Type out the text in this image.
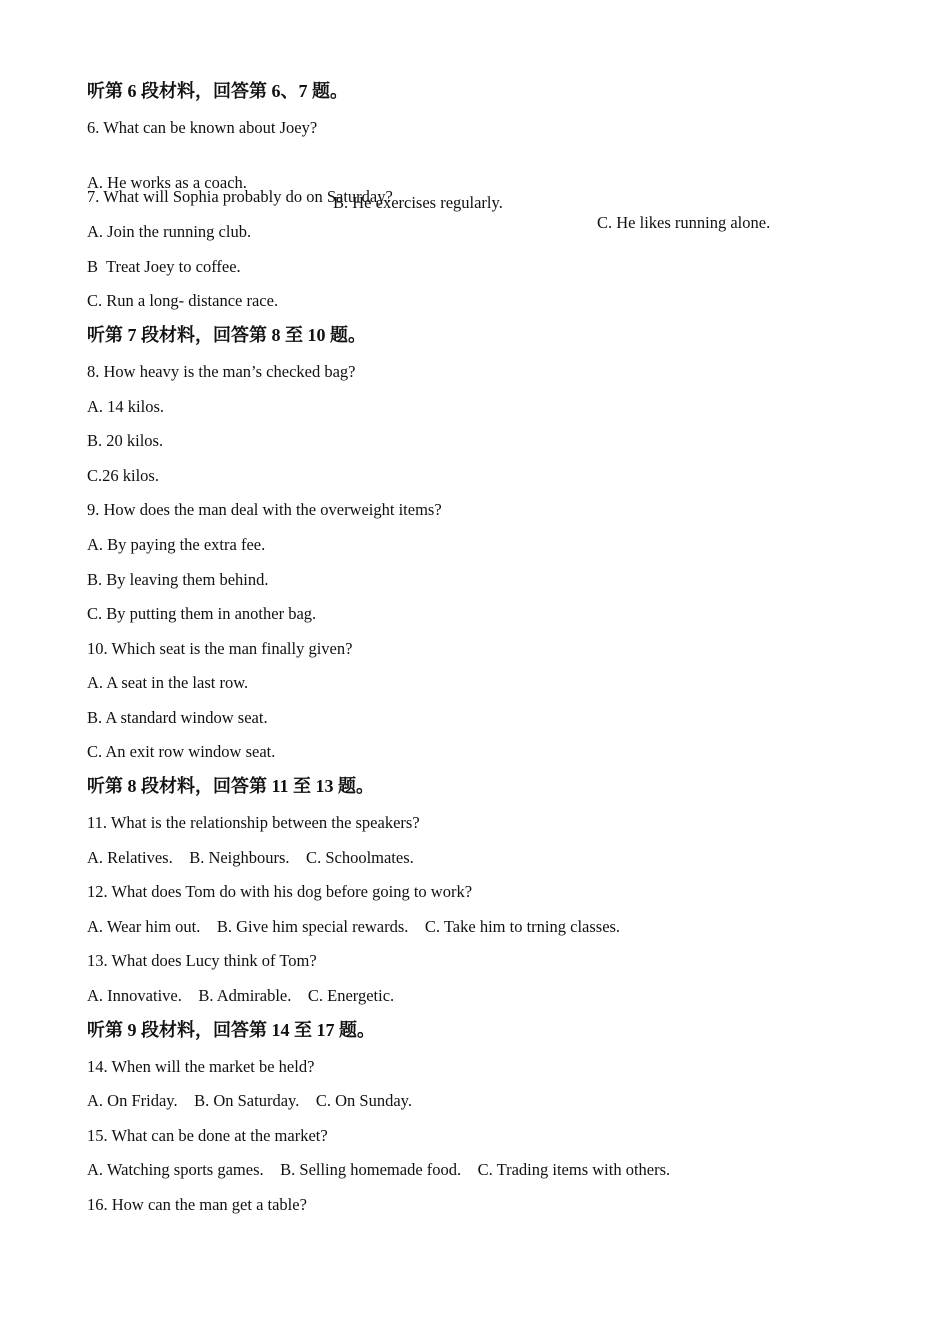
听第 6 段材料，回答第 6、7 题。
6. What can be known about Joey?

A. He works as a coach.

B. He exercises regularly.

C. He likes running alone.

7. What will Sophia probably do on Saturday?
A. Join the running club.
B  Treat Joey to coffee.
C. Run a long- distance race.
听第 7 段材料，回答第 8 至 10 题。
8. How heavy is the man’s checked bag?
A. 14 kilos.
B. 20 kilos.
C.26 kilos.
9. How does the man deal with the overweight items?
A. By paying the extra fee.
B. By leaving them behind.
C. By putting them in another bag.
10. Which seat is the man finally given?
A. A seat in the last row.
B. A standard window seat.
C. An exit row window seat.
听第 8 段材料，回答第 11 至 13 题。
11. What is the relationship between the speakers?
A. Relatives.    B. Neighbours.    C. Schoolmates.
12. What does Tom do with his dog before going to work?
A. Wear him out.    B. Give him special rewards.    C. Take him to trning classes.
13. What does Lucy think of Tom?
A. Innovative.    B. Admirable.    C. Energetic.
听第 9 段材料，回答第 14 至 17 题。
14. When will the market be held?
A. On Friday.    B. On Saturday.    C. On Sunday.
15. What can be done at the market?
A. Watching sports games.    B. Selling homemade food.    C. Trading items with others.
16. How can the man get a table?
